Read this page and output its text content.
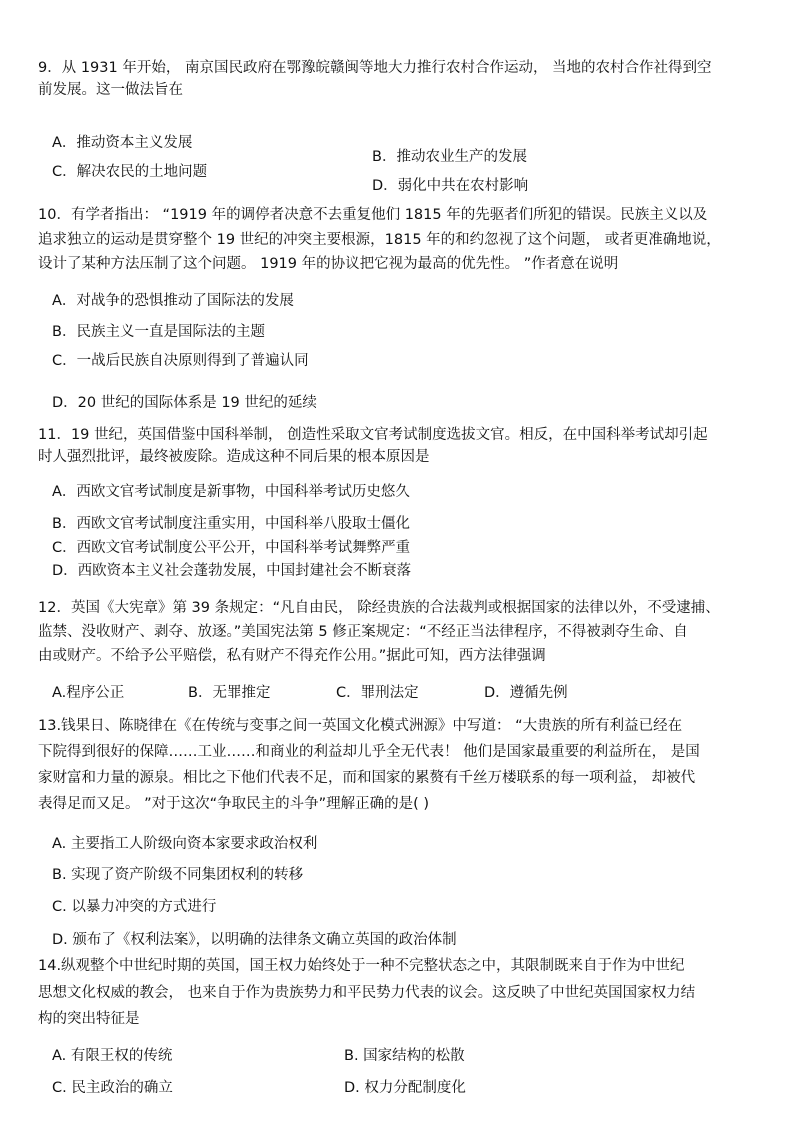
9．从 1931 年开始， 南京国民政府在鄂豫皖赣闽等地大力推行农村合作运动， 当地的农村合作社得到空
前发展。这一做法旨在
A．推动资本主义发展
B．推动农业生产的发展
C．解决农民的土地问题
D．弱化中共在农村影响
10．有学者指出： “1919 年的调停者决意不去重复他们 1815 年的先驱者们所犯的错误。民族主义以及
追求独立的运动是贯穿整个 19 世纪的冲突主要根源，1815 年的和约忽视了这个问题， 或者更准确地说，
设计了某种方法压制了这个问题。 1919 年的协议把它视为最高的优先性。 ”作者意在说明
A．对战争的恐惧推动了国际法的发展
B．民族主义一直是国际法的主题
C．一战后民族自决原则得到了普遍认同
D．20 世纪的国际体系是 19 世纪的延续
11．19 世纪，英国借鉴中国科举制， 创造性采取文官考试制度选拔文官。相反，在中国科举考试却引起
时人强烈批评，最终被废除。造成这种不同后果的根本原因是
A．西欧文官考试制度是新事物，中国科举考试历史悠久
B．西欧文官考试制度注重实用，中国科举八股取士僵化
C．西欧文官考试制度公平公开，中国科举考试舞弊严重
D．西欧资本主义社会蓬勃发展，中国封建社会不断衰落
12．英国《大宪章》第 39 条规定：“凡自由民， 除经贵族的合法裁判或根据国家的法律以外，不受逮捕、
监禁、没收财产、剥夺、放逐。”美国宪法第 5 修正案规定：“不经正当法律程序，不得被剥夺生命、自
由或财产。不给予公平赔偿，私有财产不得充作公用。”据此可知，西方法律强调
A.程序公正	B．无罪推定	C．罪刑法定	D．遵循先例
13.钱果日、陈晓律在《在传统与变事之间一英国文化模式洲源》中写道： “大贵族的所有利益已经在
下院得到很好的保障……工业……和商业的利益却儿乎全无代表！ 他们是国家最重要的利益所在， 是国
家财富和力量的源泉。相比之下他们代表不足，而和国家的累赘有千丝万楼联系的每一项利益， 却被代
表得足而又足。 ”对于这次“争取民主的斗争”理解正确的是( )
A. 主要指工人阶级向资本家要求政治权利
B. 实现了资产阶级不同集团权利的转移
C. 以暴力冲突的方式进行
D. 颁布了《权利法案》，以明确的法律条文确立英国的政治体制
14.纵观整个中世纪时期的英国，国王权力始终处于一种不完整状态之中，其限制既来自于作为中世纪
思想文化权威的教会， 也来自于作为贵族势力和平民势力代表的议会。这反映了中世纪英国国家权力结
构的突出特征是
A. 有限王权的传统	B. 国家结构的松散
C. 民主政治的确立	D. 权力分配制度化
